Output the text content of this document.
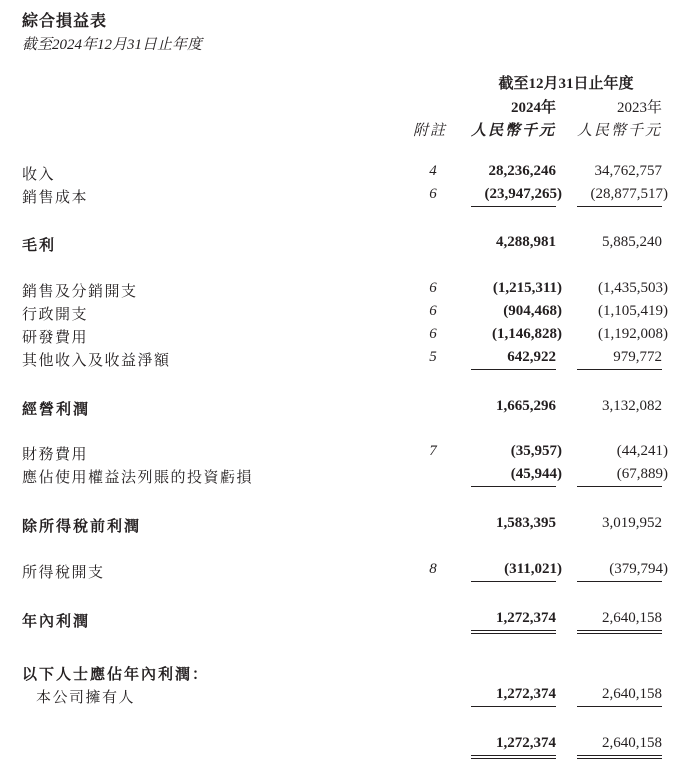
綜合損益表
截至2024年12月31日止年度
截至12月31日止年度
2024年	2023年
附註	人民幣千元	人民幣千元
收入	4	28,236,246	34,762,757
銷售成本	6	(23,947,265)	(28,877,517)
毛利	4,288,981	5,885,240
銷售及分銷開支	6	(1,215,311)	(1,435,503)
行政開支	6	(904,468)	(1,105,419)
研發費用	6	(1,146,828)	(1,192,008)
其他收入及收益淨額	5	642,922	979,772
經營利潤	1,665,296	3,132,082
財務費用	7	(35,957)	(44,241)
應佔使用權益法列賬的投資虧損	(45,944)	(67,889)
除所得稅前利潤	1,583,395	3,019,952
所得稅開支	8	(311,021)	(379,794)
年內利潤	1,272,374	2,640,158
以下人士應佔年內利潤：
本公司擁有人	1,272,374	2,640,158
1,272,374	2,640,158
